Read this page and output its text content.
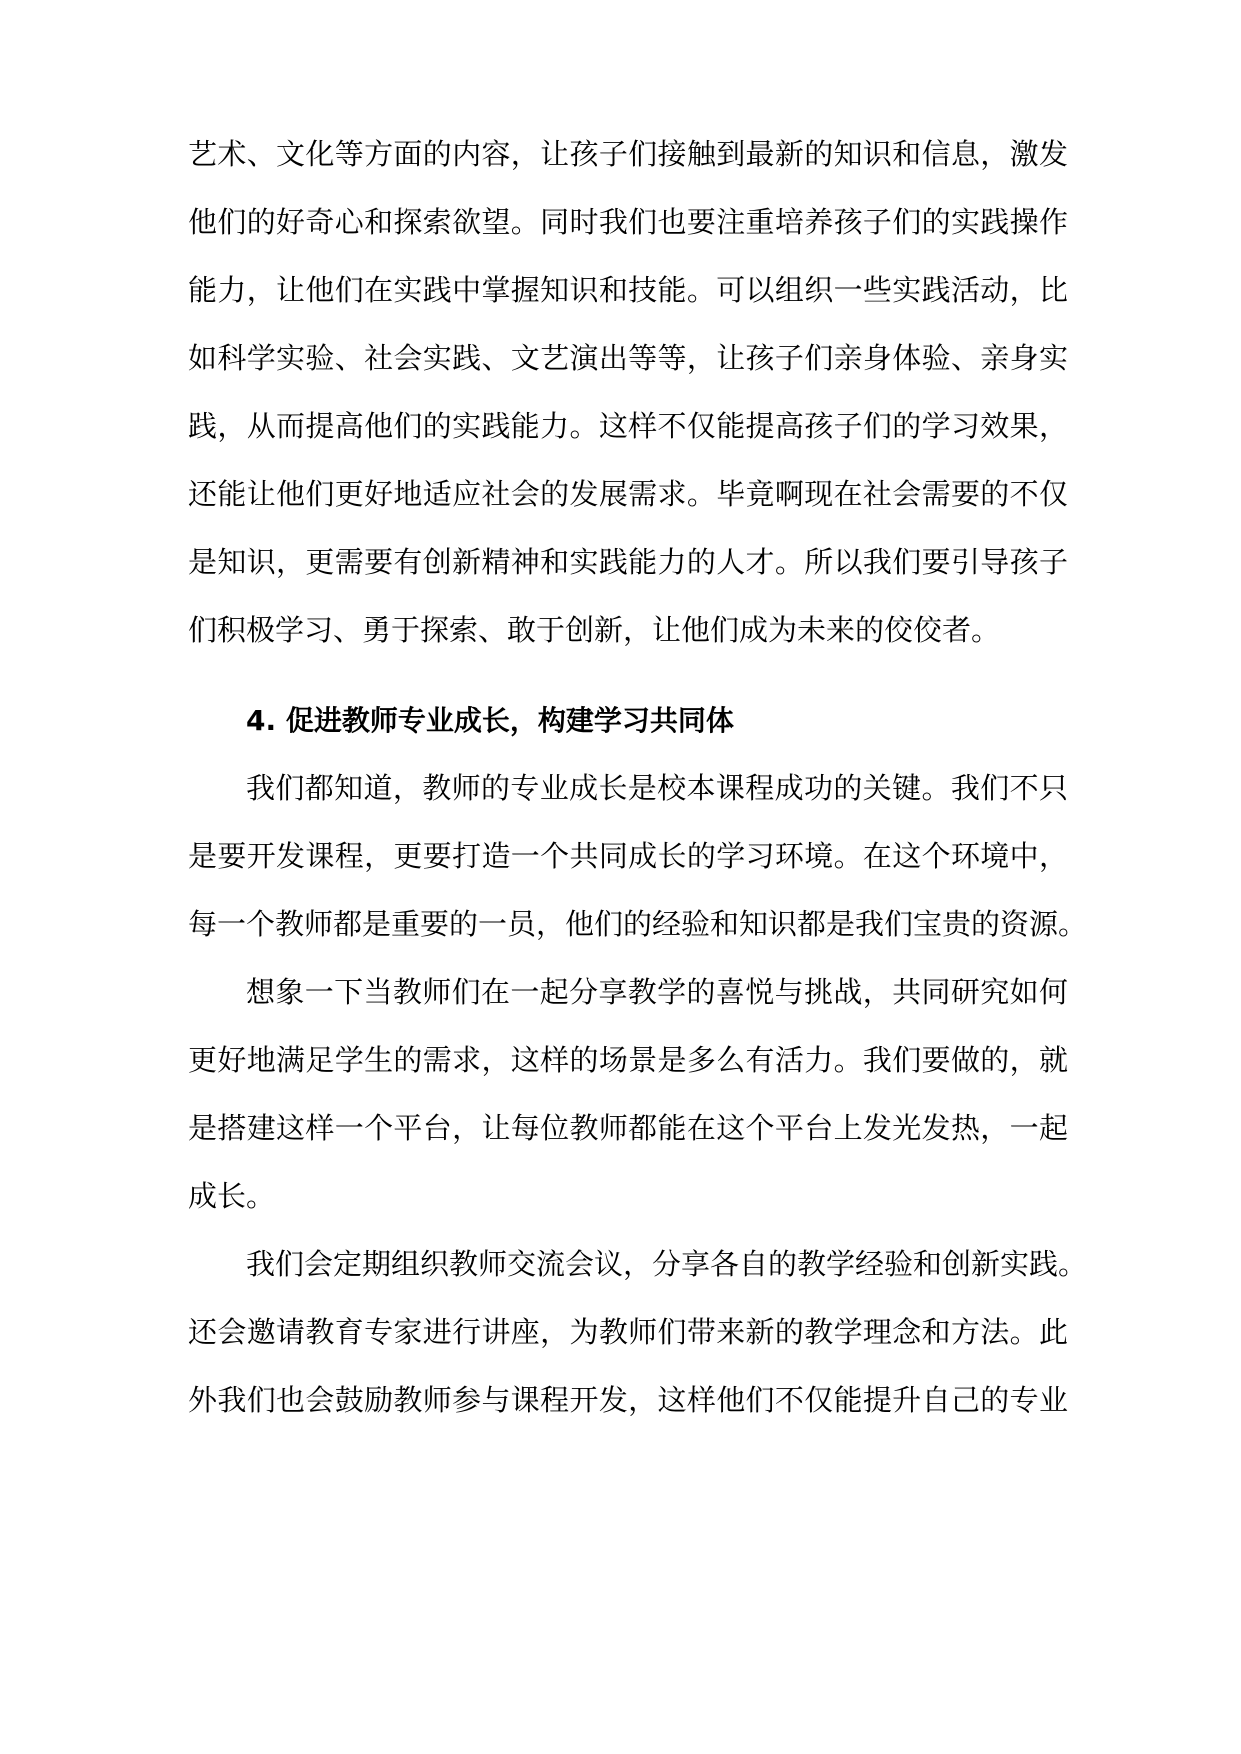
艺术、文化等方面的内容，让孩子们接触到最新的知识和信息，激发
他们的好奇心和探索欲望。同时我们也要注重培养孩子们的实践操作
能力，让他们在实践中掌握知识和技能。可以组织一些实践活动，比
如科学实验、社会实践、文艺演出等等，让孩子们亲身体验、亲身实
践，从而提高他们的实践能力。这样不仅能提高孩子们的学习效果，
还能让他们更好地适应社会的发展需求。毕竟啊现在社会需要的不仅
是知识，更需要有创新精神和实践能力的人才。所以我们要引导孩子
们积极学习、勇于探索、敢于创新，让他们成为未来的佼佼者。
4. 促进教师专业成长，构建学习共同体
我们都知道，教师的专业成长是校本课程成功的关键。我们不只
是要开发课程，更要打造一个共同成长的学习环境。在这个环境中，
每一个教师都是重要的一员，他们的经验和知识都是我们宝贵的资源。
想象一下当教师们在一起分享教学的喜悦与挑战，共同研究如何
更好地满足学生的需求，这样的场景是多么有活力。我们要做的，就
是搭建这样一个平台，让每位教师都能在这个平台上发光发热，一起
成长。
我们会定期组织教师交流会议，分享各自的教学经验和创新实践。
还会邀请教育专家进行讲座，为教师们带来新的教学理念和方法。此
外我们也会鼓励教师参与课程开发，这样他们不仅能提升自己的专业
